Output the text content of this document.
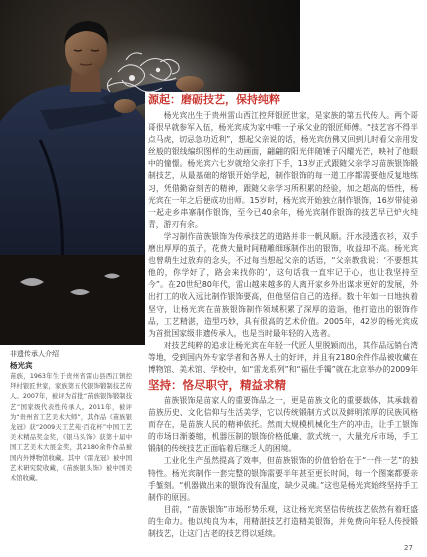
源起：磨砺技艺，保持纯粹

杨光宾出生于贵州雷山西江控拜银匠世家，是家族的第五代传人。两个哥哥很早就参军入伍，杨光宾成为家中唯一子承父业的银匠师傅。“技艺容不得半点马虎，切忌急功近利”，想起父亲说的话，杨光宾仿佛又回到儿时看父亲用发丝般的银线编织图样的生动画面，翩翩的阳光伴随锤子闪耀光芒，映衬了他眼中的憧憬。杨光宾六七岁就给父亲打下手，13岁正式跟随父亲学习苗族银饰锻制技艺，从最基础的熔银开始学起，制作银饰的每一道工序都需要他反复地练习，凭借勤奋刻苦的精神，跟随父亲学习所积累的经验，加之超高的悟性，杨光宾在一年之后便成功出师。15岁时，杨光宾开始独立制作银饰，16岁带徒弟一起走乡串寨制作银饰，至今已40余年，杨光宾制作银饰的技艺早已炉火纯青，游刃有余。

学习制作苗族银饰为传承技艺的道路并非一帆风顺。汗水浸透衣衫，双手磨出厚厚的茧子，花费大量时间精雕细琢制作出的银饰，收益却不高。杨光宾也曾萌生过放弃的念头，不过每当想起父亲的话语，“父亲教我说：‘不要想其他的，你学好了，路会来找你的’，这句话我一直牢记于心，也让我坚持至今”。在20世纪80年代，雷山越来越多的人离开家乡外出谋求更好的发展，外出打工的收入远比制作银饰要高，但他坚信自己的选择。数十年如一日地执着坚守，让杨光宾在苗族银饰制作领域积累了深厚的造诣，他打造出的银饰作品，工艺精湛，造型巧妙，具有很高的艺术价值。2005年，42岁的杨光宾成为首批国家级非遗传承人，也是当时最年轻的入选者。

对技艺纯粹的追求让杨光宾在年轻一代匠人里脱颖而出，其作品远销台湾等地，受到国内外专家学者和各界人士的好评，并且有2180余件作品被收藏在博物馆、美术馆、学校中，如“雷龙系列”和“福仕手镯”就在北京举办的2009年

坚持：恪尽职守，精益求精

苗族银饰是苗家人的重要饰品之一，更是苗族文化的重要载体，其承载着苗族历史、文化信仰与生活美学，它以传统锻制方式以及鲜明浓厚的民族风格而存在，是苗族人民的精神依托。然而大规模机械化生产的冲击，让手工银饰的市场日渐萎缩，机器压制的银饰价格低廉、款式统一，大量充斥市场，手工锻制的传统技艺正面临着后继乏人的困境。

工业化生产虽然提高了效率，但苗族银饰的价值恰恰在于“一件一艺”的独特性。杨光宾制作一套完整的银饰需要半年甚至更长时间，每一个图案都要亲手錾刻。“机器做出来的银饰没有温度，缺少灵魂。”这也是杨光宾始终坚持手工制作的原因。

目前，“苗族银饰”市场形势乐观，这让杨光宾坚信传统技艺依然有着旺盛的生命力。他以纯良为本，用精湛技艺打造精美银饰，并免费向年轻人传授锻制技艺，让这门古老的技艺得以延续。

非遗传承人介绍

杨光宾

苗族，1963年生于贵州省雷山县西江镇控拜村银匠世家，家族第五代银饰锻制技艺传人。2007年，被评为首批“苗族银饰锻制技艺”国家级代表性传承人。2011年，被评为“贵州省工艺美术大师”，其作品《苗族银龙冠》获“2009天工艺苑·百花杯”中国工艺美术精品奖金奖，《银马头饰》获第十届中国工艺美术大展金奖，其2180余件作品被国内外博物馆收藏。其中《雷龙冠》被中国艺术研究院收藏，《苗族银头饰》被中国美术馆收藏。

27
